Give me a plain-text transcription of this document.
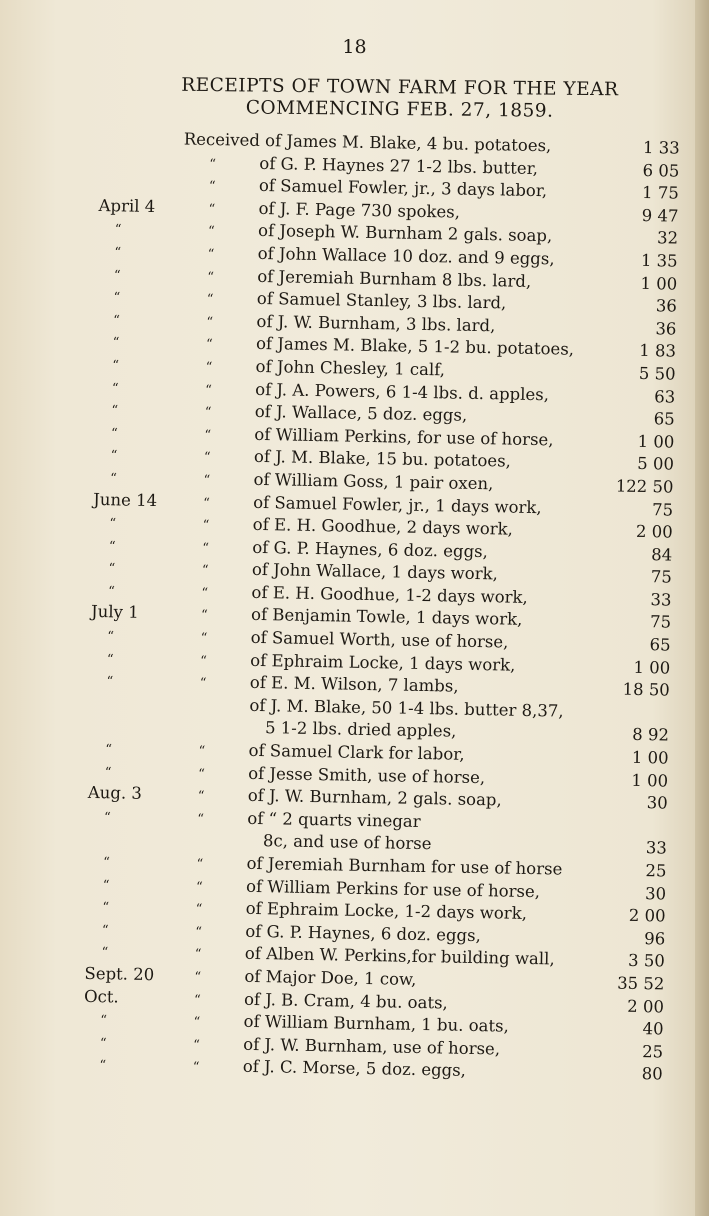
18
RECEIPTS OF TOWN FARM FOR THE YEAR
COMMENCING FEB. 27, 1859.
Received of James M. Blake, 4 bu. potatoes,	1 33
“	of G. P. Haynes 27 1-2 lbs. butter,	6 05
“	of Samuel Fowler, jr., 3 days labor,	1 75
April 4	“	of J. F. Page 730 spokes,	9 47
“	“	of Joseph W. Burnham 2 gals. soap,	32
“	“	of John Wallace 10 doz. and 9 eggs,	1 35
“	“	of Jeremiah Burnham 8 lbs. lard,	1 00
“	“	of Samuel Stanley, 3 lbs. lard,	36
“	“	of J. W. Burnham, 3 lbs. lard,	36
“	“	of James M. Blake, 5 1-2 bu. potatoes,	1 83
“	“	of John Chesley, 1 calf,	5 50
“	“	of J. A. Powers, 6 1-4 lbs. d. apples,	63
“	“	of J. Wallace, 5 doz. eggs,	65
“	“	of William Perkins, for use of horse,	1 00
“	“	of J. M. Blake, 15 bu. potatoes,	5 00
“	“	of William Goss, 1 pair oxen,	122 50
June 14	“	of Samuel Fowler, jr., 1 days work,	75
“	“	of E. H. Goodhue, 2 days work,	2 00
“	“	of G. P. Haynes, 6 doz. eggs,	84
“	“	of John Wallace, 1 days work,	75
“	“	of E. H. Goodhue, 1-2 days work,	33
July 1	“	of Benjamin Towle, 1 days work,	75
“	“	of Samuel Worth, use of horse,	65
“	“	of Ephraim Locke, 1 days work,	1 00
“	“	of E. M. Wilson, 7 lambs,	18 50
of J. M. Blake, 50 1-4 lbs. butter 8,37,
5 1-2 lbs. dried apples,	8 92
“	“	of Samuel Clark for labor,	1 00
“	“	of Jesse Smith, use of horse,	1 00
Aug. 3	“	of J. W. Burnham, 2 gals. soap,	30
“	“	of “ 2 quarts vinegar
8c, and use of horse	33
“	“	of Jeremiah Burnham for use of horse	25
“	“	of William Perkins for use of horse,	30
“	“	of Ephraim Locke, 1-2 days work,	2 00
“	“	of G. P. Haynes, 6 doz. eggs,	96
“	“	of Alben W. Perkins,for building wall,	3 50
Sept. 20	“	of Major Doe, 1 cow,	35 52
Oct.	“	of J. B. Cram, 4 bu. oats,	2 00
“	“	of William Burnham, 1 bu. oats,	40
“	“	of J. W. Burnham, use of horse,	25
“	“	of J. C. Morse, 5 doz. eggs,	80
